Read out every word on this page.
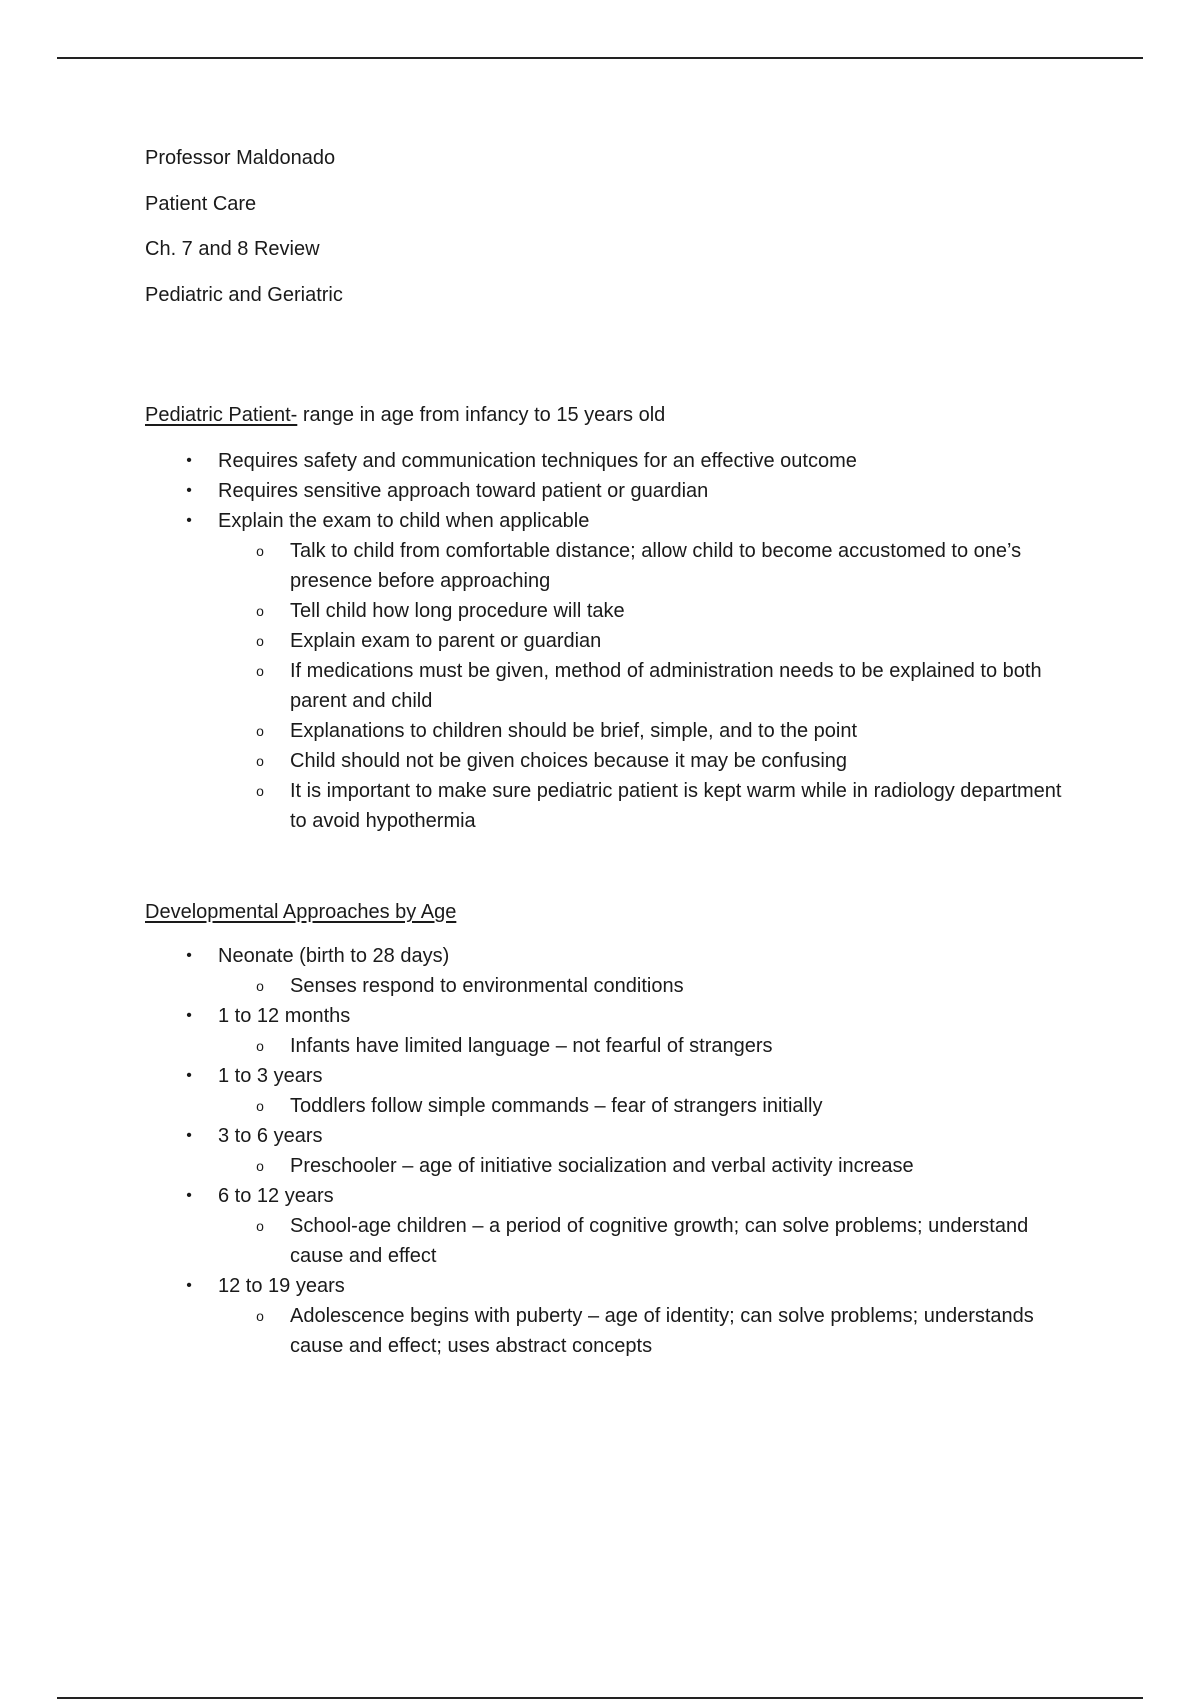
Professor Maldonado
Patient Care
Ch. 7 and 8 Review
Pediatric and Geriatric
Pediatric Patient- range in age from infancy to 15 years old
• Requires safety and communication techniques for an effective outcome
• Requires sensitive approach toward patient or guardian
• Explain the exam to child when applicable
o Talk to child from comfortable distance; allow child to become accustomed to one’s presence before approaching
o Tell child how long procedure will take
o Explain exam to parent or guardian
o If medications must be given, method of administration needs to be explained to both parent and child
o Explanations to children should be brief, simple, and to the point
o Child should not be given choices because it may be confusing
o It is important to make sure pediatric patient is kept warm while in radiology department to avoid hypothermia
Developmental Approaches by Age
• Neonate (birth to 28 days)
o Senses respond to environmental conditions
• 1 to 12 months
o Infants have limited language – not fearful of strangers
• 1 to 3 years
o Toddlers follow simple commands – fear of strangers initially
• 3 to 6 years
o Preschooler – age of initiative socialization and verbal activity increase
• 6 to 12 years
o School-age children – a period of cognitive growth; can solve problems; understand cause and effect
• 12 to 19 years
o Adolescence begins with puberty – age of identity; can solve problems; understands cause and effect; uses abstract concepts
